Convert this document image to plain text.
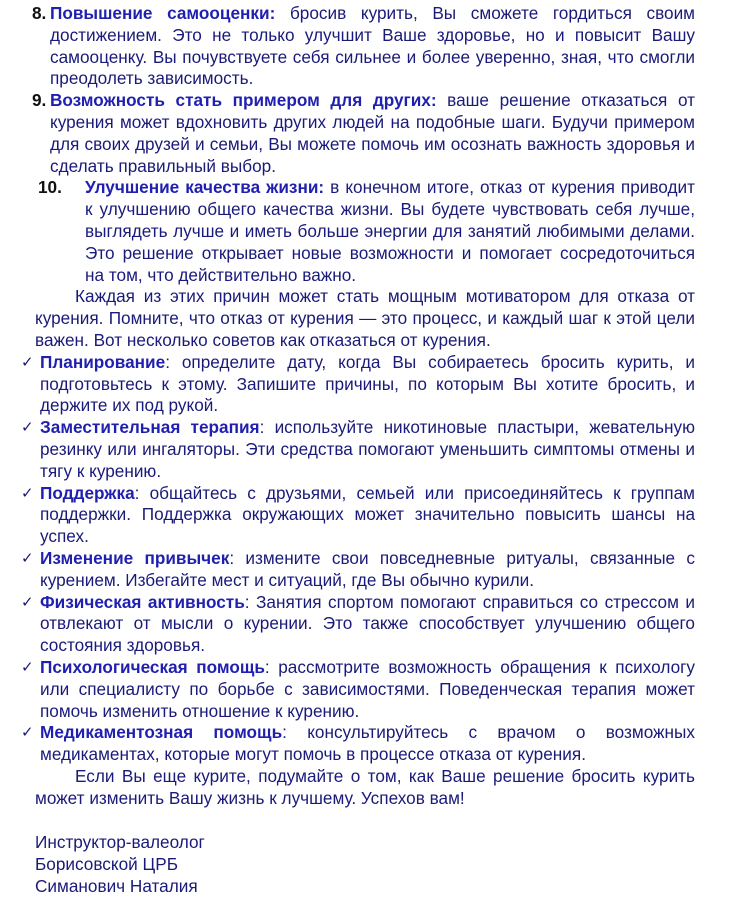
8. Повышение самооценки: бросив курить, Вы сможете гордиться своим достижением. Это не только улучшит Ваше здоровье, но и повысит Вашу самооценку. Вы почувствуете себя сильнее и более уверенно, зная, что смогли преодолеть зависимость.

9. Возможность стать примером для других: ваше решение отказаться от курения может вдохновить других людей на подобные шаги. Будучи примером для своих друзей и семьи, Вы можете помочь им осознать важность здоровья и сделать правильный выбор.

10.	Улучшение качества жизни: в конечном итоге, отказ от курения приводит к улучшению общего качества жизни. Вы будете чувствовать себя лучше, выглядеть лучше и иметь больше энергии для занятий любимыми делами. Это решение открывает новые возможности и помогает сосредоточиться на том, что действительно важно.

Каждая из этих причин может стать мощным мотиватором для отказа от курения. Помните, что отказ от курения — это процесс, и каждый шаг к этой цели важен. Вот несколько советов как отказаться от курения.

✓ Планирование: определите дату, когда Вы собираетесь бросить курить, и подготовьтесь к этому. Запишите причины, по которым Вы хотите бросить, и держите их под рукой.

✓ Заместительная терапия: используйте никотиновые пластыри, жевательную резинку или ингаляторы. Эти средства помогают уменьшить симптомы отмены и тягу к курению.

✓ Поддержка: общайтесь с друзьями, семьей или присоединяйтесь к группам поддержки. Поддержка окружающих может значительно повысить шансы на успех.

✓ Изменение привычек: измените свои повседневные ритуалы, связанные с курением. Избегайте мест и ситуаций, где Вы обычно курили.

✓ Физическая активность: Занятия спортом помогают справиться со стрессом и отвлекают от мысли о курении. Это также способствует улучшению общего состояния здоровья.

✓ Психологическая помощь: рассмотрите возможность обращения к психологу или специалисту по борьбе с зависимостями. Поведенческая терапия может помочь изменить отношение к курению.

✓ Медикаментозная помощь: консультируйтесь с врачом о возможных медикаментах, которые могут помочь в процессе отказа от курения.

Если Вы еще курите, подумайте о том, как Ваше решение бросить курить может изменить Вашу жизнь к лучшему. Успехов вам!

Инструктор-валеолог
Борисовской ЦРБ
Симанович Наталия
